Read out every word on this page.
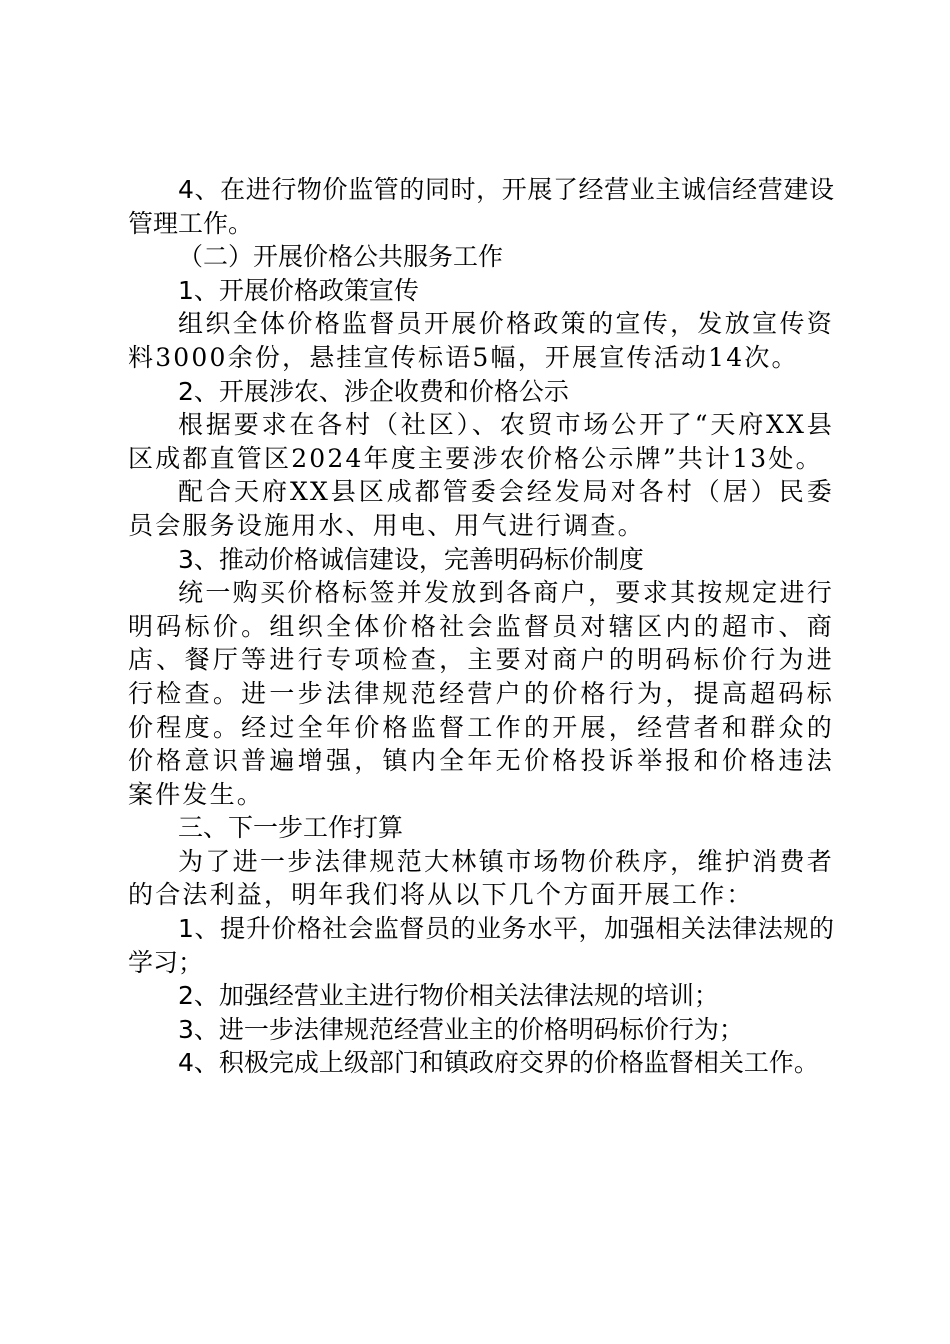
4、在进行物价监管的同时，开展了经营业主诚信经营建设管理工作。

（二）开展价格公共服务工作

1、开展价格政策宣传

组织全体价格监督员开展价格政策的宣传，发放宣传资料3000余份，悬挂宣传标语5幅，开展宣传活动14次。

2、开展涉农、涉企收费和价格公示

根据要求在各村（社区）、农贸市场公开了“天府XX县区成都直管区2024年度主要涉农价格公示牌”共计13处。

配合天府XX县区成都管委会经发局对各村（居）民委员会服务设施用水、用电、用气进行调查。

3、推动价格诚信建设，完善明码标价制度

统一购买价格标签并发放到各商户，要求其按规定进行明码标价。组织全体价格社会监督员对辖区内的超市、商店、餐厅等进行专项检查，主要对商户的明码标价行为进行检查。进一步法律规范经营户的价格行为，提高超码标价程度。经过全年价格监督工作的开展，经营者和群众的价格意识普遍增强，镇内全年无价格投诉举报和价格违法案件发生。

三、下一步工作打算

为了进一步法律规范大林镇市场物价秩序，维护消费者的合法利益，明年我们将从以下几个方面开展工作：

1、提升价格社会监督员的业务水平，加强相关法律法规的学习；

2、加强经营业主进行物价相关法律法规的培训；

3、进一步法律规范经营业主的价格明码标价行为；

4、积极完成上级部门和镇政府交界的价格监督相关工作。
